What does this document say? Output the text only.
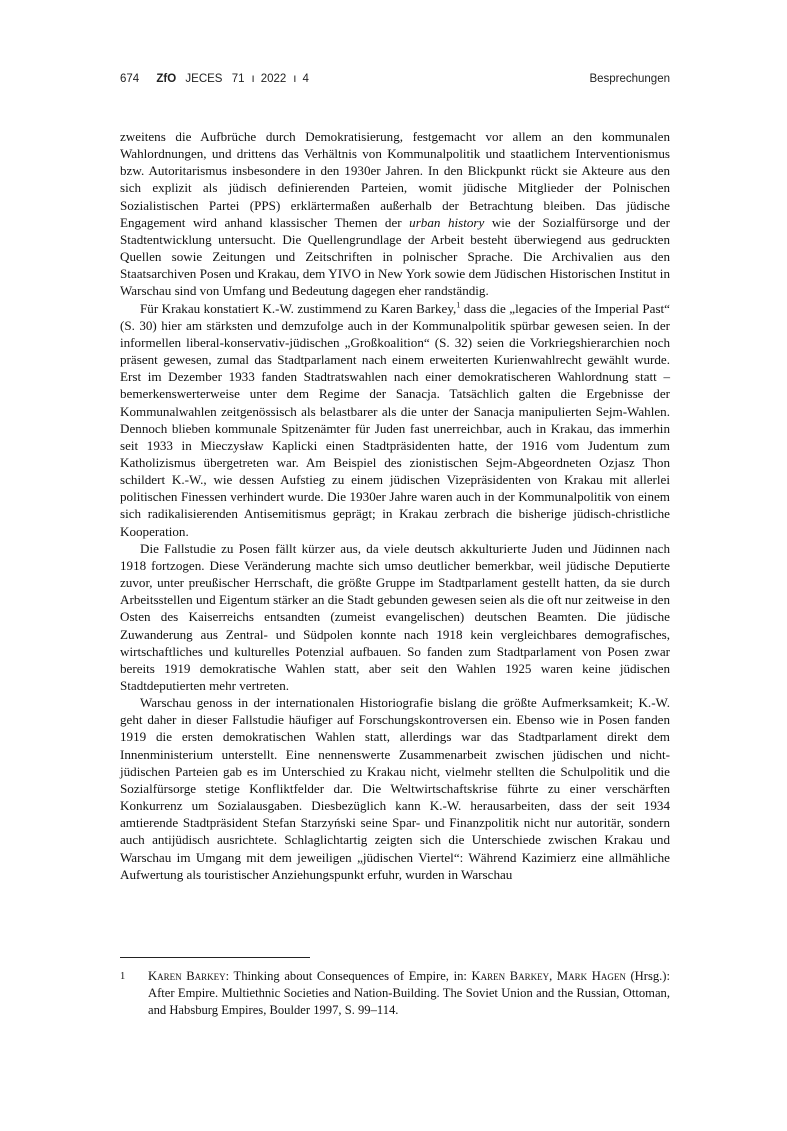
674 ZfO JECES 71 ı 2022 ı 4	Besprechungen

zweitens die Aufbrüche durch Demokratisierung, festgemacht vor allem an den kommunalen Wahlordnungen, und drittens das Verhältnis von Kommunalpolitik und staatlichem Interventionismus bzw. Autoritarismus insbesondere in den 1930er Jahren. In den Blickpunkt rückt sie Akteure aus den sich explizit als jüdisch definierenden Parteien, womit jüdische Mitglieder der Polnischen Sozialistischen Partei (PPS) erklärtermaßen außerhalb der Betrachtung bleiben. Das jüdische Engagement wird anhand klassischer Themen der urban history wie der Sozialfürsorge und der Stadtentwicklung untersucht. Die Quellengrundlage der Arbeit besteht überwiegend aus gedruckten Quellen sowie Zeitungen und Zeitschriften in polnischer Sprache. Die Archivalien aus den Staatsarchiven Posen und Krakau, dem YIVO in New York sowie dem Jüdischen Historischen Institut in Warschau sind von Umfang und Bedeutung dagegen eher randständig.

Für Krakau konstatiert K.-W. zustimmend zu Karen Barkey,$^1$ dass die „legacies of the Imperial Past“ (S. 30) hier am stärksten und demzufolge auch in der Kommunalpolitik spürbar gewesen seien. In der informellen liberal-konservativ-jüdischen „Großkoalition“ (S. 32) seien die Vorkriegshierarchien noch präsent gewesen, zumal das Stadtparlament nach einem erweiterten Kurienwahlrecht gewählt wurde. Erst im Dezember 1933 fanden Stadtratswahlen nach einer demokratischeren Wahlordnung statt – bemerkenswerterweise unter dem Regime der Sanacja. Tatsächlich galten die Ergebnisse der Kommunalwahlen zeitgenössisch als belastbarer als die unter der Sanacja manipulierten Sejm-Wahlen. Dennoch blieben kommunale Spitzenämter für Juden fast unerreichbar, auch in Krakau, das immerhin seit 1933 in Mieczysław Kaplicki einen Stadtpräsidenten hatte, der 1916 vom Judentum zum Katholizismus übergetreten war. Am Beispiel des zionistischen Sejm-Abgeordneten Ozjasz Thon schildert K.-W., wie dessen Aufstieg zu einem jüdischen Vizepräsidenten von Krakau mit allerlei politischen Finessen verhindert wurde. Die 1930er Jahre waren auch in der Kommunalpolitik von einem sich radikalisierenden Antisemitismus geprägt; in Krakau zerbrach die bisherige jüdisch-christliche Kooperation.

Die Fallstudie zu Posen fällt kürzer aus, da viele deutsch akkulturierte Juden und Jüdinnen nach 1918 fortzogen. Diese Veränderung machte sich umso deutlicher bemerkbar, weil jüdische Deputierte zuvor, unter preußischer Herrschaft, die größte Gruppe im Stadtparlament gestellt hatten, da sie durch Arbeitsstellen und Eigentum stärker an die Stadt gebunden gewesen seien als die oft nur zeitweise in den Osten des Kaiserreichs entsandten (zumeist evangelischen) deutschen Beamten. Die jüdische Zuwanderung aus Zentral- und Südpolen konnte nach 1918 kein vergleichbares demografisches, wirtschaftliches und kulturelles Potenzial aufbauen. So fanden zum Stadtparlament von Posen zwar bereits 1919 demokratische Wahlen statt, aber seit den Wahlen 1925 waren keine jüdischen Stadtdeputierten mehr vertreten.

Warschau genoss in der internationalen Historiografie bislang die größte Aufmerksamkeit; K.-W. geht daher in dieser Fallstudie häufiger auf Forschungskontroversen ein. Ebenso wie in Posen fanden 1919 die ersten demokratischen Wahlen statt, allerdings war das Stadtparlament direkt dem Innenministerium unterstellt. Eine nennenswerte Zusammenarbeit zwischen jüdischen und nicht-jüdischen Parteien gab es im Unterschied zu Krakau nicht, vielmehr stellten die Schulpolitik und die Sozialfürsorge stetige Konfliktfelder dar. Die Weltwirtschaftskrise führte zu einer verschärften Konkurrenz um Sozialausgaben. Diesbezüglich kann K.-W. herausarbeiten, dass der seit 1934 amtierende Stadtpräsident Stefan Starzyński seine Spar- und Finanzpolitik nicht nur autoritär, sondern auch antijüdisch ausrichtete. Schlaglichtartig zeigten sich die Unterschiede zwischen Krakau und Warschau im Umgang mit dem jeweiligen „jüdischen Viertel“: Während Kazimierz eine allmähliche Aufwertung als touristischer Anziehungspunkt erfuhr, wurden in Warschau

1 Karen Barkey: Thinking about Consequences of Empire, in: Karen Barkey, Mark Hagen (Hrsg.): After Empire. Multiethnic Societies and Nation-Building. The Soviet Union and the Russian, Ottoman, and Habsburg Empires, Boulder 1997, S. 99–114.
